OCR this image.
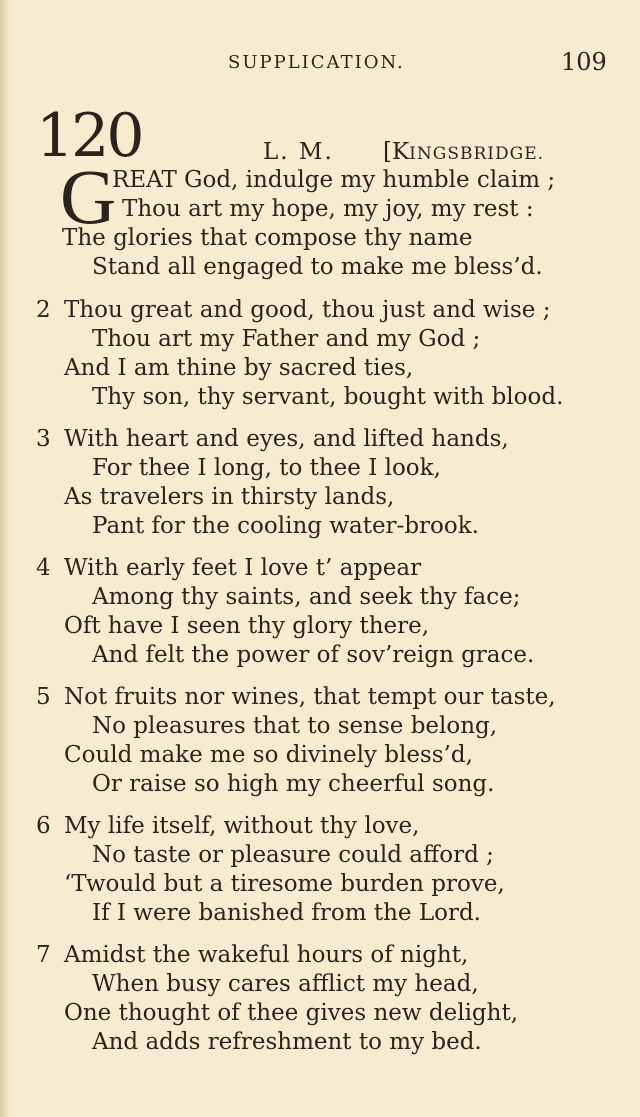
SUPPLICATION.	109
120	L. M. [KINGSBRIDGE.
G
REAT God, indulge my humble claim ;
Thou art my hope, my joy, my rest :
The glories that compose thy name
Stand all engaged to make me bless’d.
2 Thou great and good, thou just and wise ;
Thou art my Father and my God ;
And I am thine by sacred ties,
Thy son, thy servant, bought with blood.
3 With heart and eyes, and lifted hands,
For thee I long, to thee I look,
As travelers in thirsty lands,
Pant for the cooling water-brook.
4 With early feet I love t’ appear
Among thy saints, and seek thy face;
Oft have I seen thy glory there,
And felt the power of sov’reign grace.
5 Not fruits nor wines, that tempt our taste,
No pleasures that to sense belong,
Could make me so divinely bless’d,
Or raise so high my cheerful song.
6 My life itself, without thy love,
No taste or pleasure could afford ;
‘Twould but a tiresome burden prove,
If I were banished from the Lord.
7 Amidst the wakeful hours of night,
When busy cares afflict my head,
One thought of thee gives new delight,
And adds refreshment to my bed.
